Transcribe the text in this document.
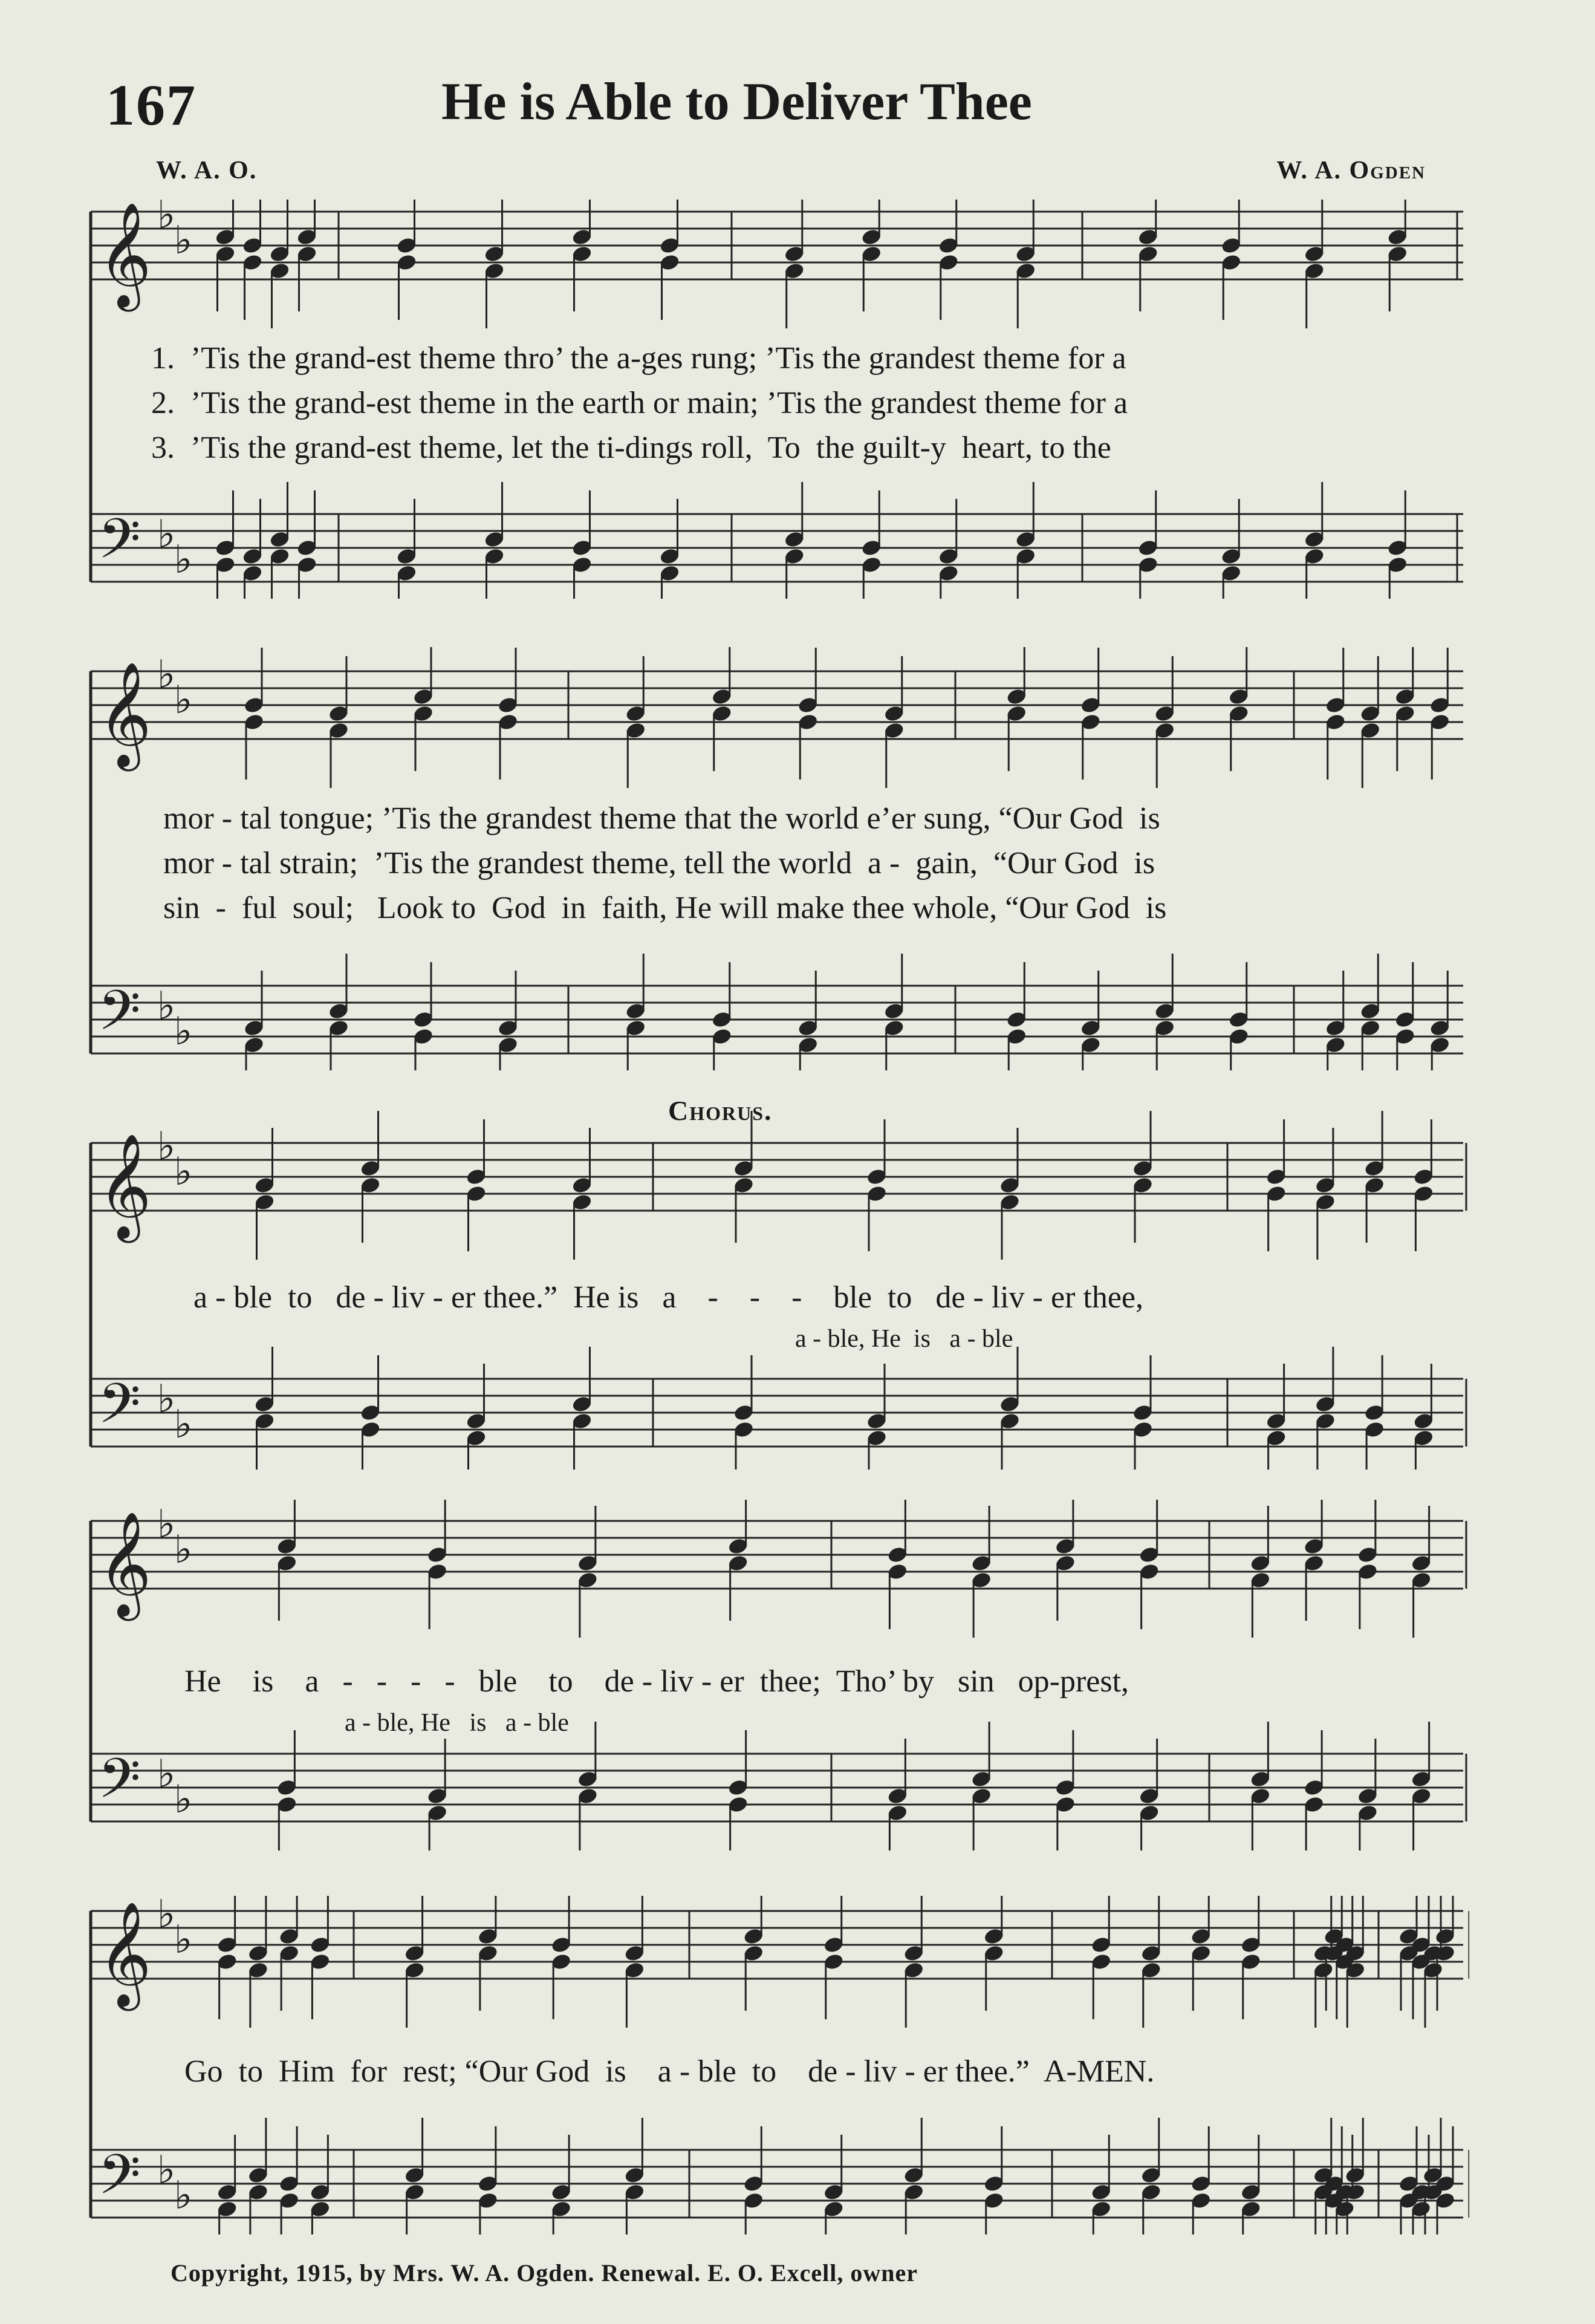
167	He is Able to Deliver Thee
W. A. O.	W. A. Ogden
𝄞 ♭
♭
𝄢 ♭
♭
1.  ’Tis the grand-est theme thro’ the a-ges rung; ’Tis the grandest theme for a
2.  ’Tis the grand-est theme in the earth or main; ’Tis the grandest theme for a
3.  ’Tis the grand-est theme, let the ti-dings roll,  To  the guilt-y  heart, to the
𝄞 ♭
♭
𝄢 ♭
♭
mor - tal tongue; ’Tis the grandest theme that the world e’er sung, “Our God  is
mor - tal strain;  ’Tis the grandest theme, tell the world  a -  gain,  “Our God  is
sin  -  ful  soul;   Look to  God  in  faith, He will make thee whole, “Our God  is
Chorus.
𝄞 ♭
♭
𝄢 ♭
♭
a - ble  to   de - liv - er thee.”  He is   a    -    -    -    ble  to   de - liv - er thee,
a - ble, He  is   a - ble
𝄞 ♭
♭
𝄢 ♭
♭
He    is    a   -   -   -   -   ble    to    de - liv - er  thee;  Tho’ by   sin   op-prest,
a - ble, He   is   a - ble
𝄞 ♭
♭
𝄢 ♭
♭
Go  to  Him  for  rest; “Our God  is    a - ble  to    de - liv - er thee.”  A-MEN.
Copyright, 1915, by Mrs. W. A. Ogden. Renewal. E. O. Excell, owner
